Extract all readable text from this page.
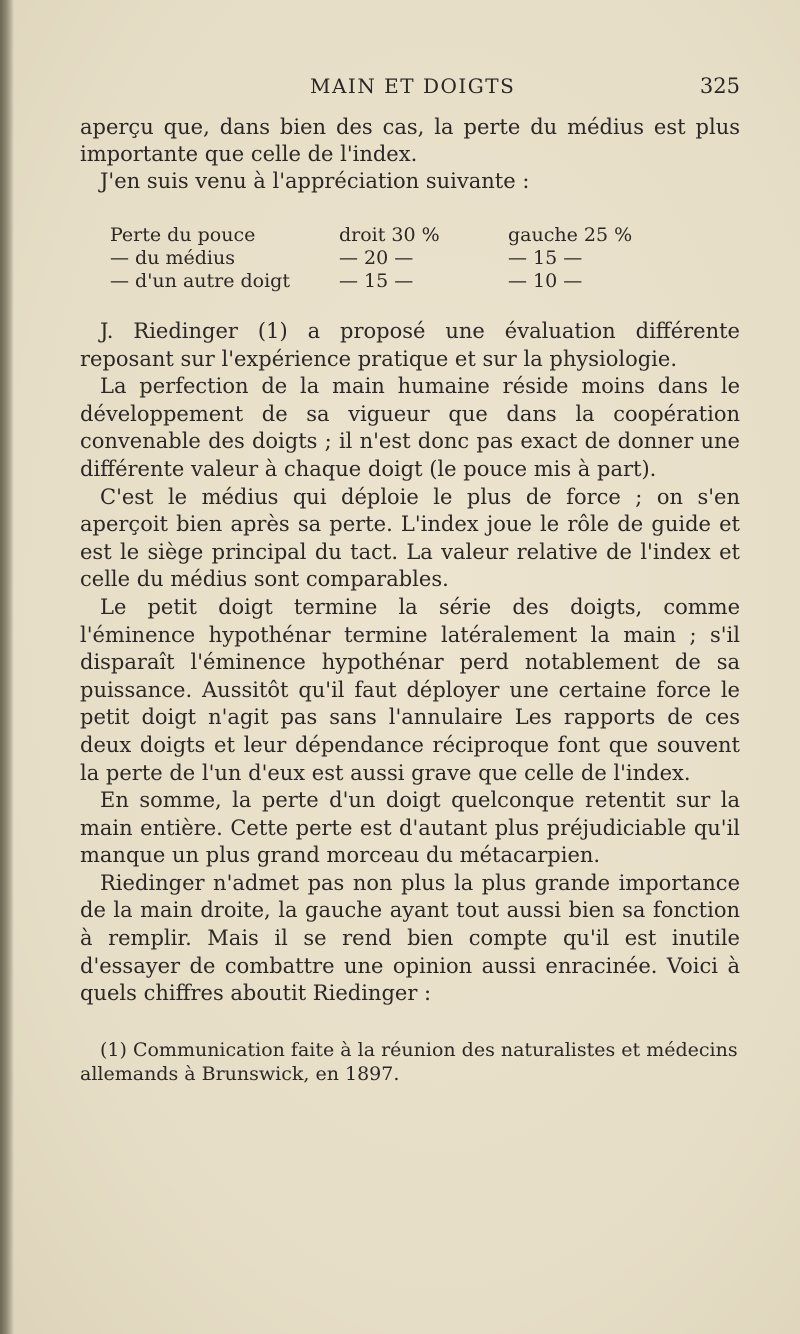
MAIN ET DOIGTS	325

aperçu que, dans bien des cas, la perte du médius est plus importante que celle de l'index.

J'en suis venu à l'appréciation suivante :

Perte du pouce	droit 30 %	gauche 25 %
— du médius	— 20 —	— 15 —
— d'un autre doigt	— 15 —	— 10 —

J. Riedinger (1) a proposé une évaluation différente reposant sur l'expérience pratique et sur la physiologie.

La perfection de la main humaine réside moins dans le développement de sa vigueur que dans la coopération convenable des doigts ; il n'est donc pas exact de donner une différente valeur à chaque doigt (le pouce mis à part).

C'est le médius qui déploie le plus de force ; on s'en aperçoit bien après sa perte. L'index joue le rôle de guide et est le siège principal du tact. La valeur relative de l'index et celle du médius sont comparables.

Le petit doigt termine la série des doigts, comme l'éminence hypothénar termine latéralement la main ; s'il disparaît l'éminence hypothénar perd notablement de sa puissance. Aussitôt qu'il faut déployer une certaine force le petit doigt n'agit pas sans l'annulaire Les rapports de ces deux doigts et leur dépendance réciproque font que souvent la perte de l'un d'eux est aussi grave que celle de l'index.

En somme, la perte d'un doigt quelconque retentit sur la main entière. Cette perte est d'autant plus préjudiciable qu'il manque un plus grand morceau du métacarpien.

Riedinger n'admet pas non plus la plus grande importance de la main droite, la gauche ayant tout aussi bien sa fonction à remplir. Mais il se rend bien compte qu'il est inutile d'essayer de combattre une opinion aussi enracinée. Voici à quels chiffres aboutit Riedinger :

(1) Communication faite à la réunion des naturalistes et médecins allemands à Brunswick, en 1897.
